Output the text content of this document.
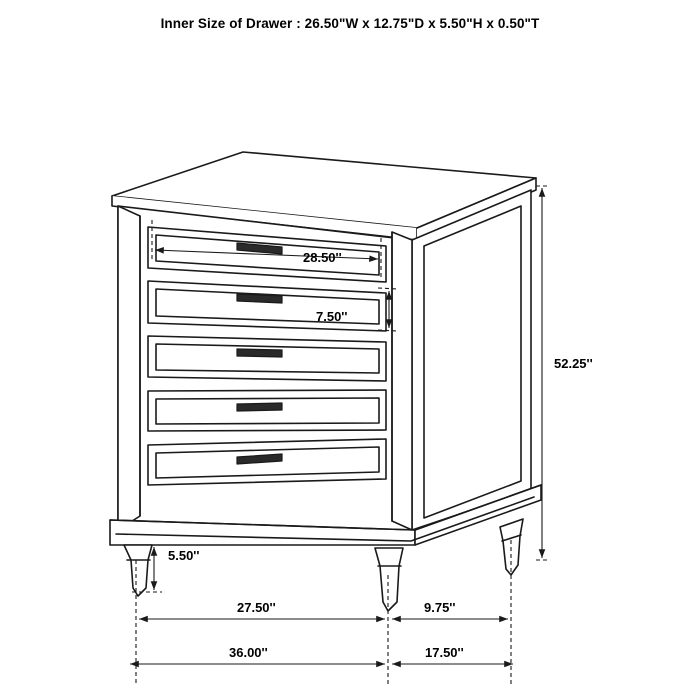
Inner Size of Drawer : 26.50"W x 12.75"D x 5.50"H x 0.50"T
28.50''
7.50''
52.25''
5.50''
27.50''	9.75''
36.00''	17.50''
